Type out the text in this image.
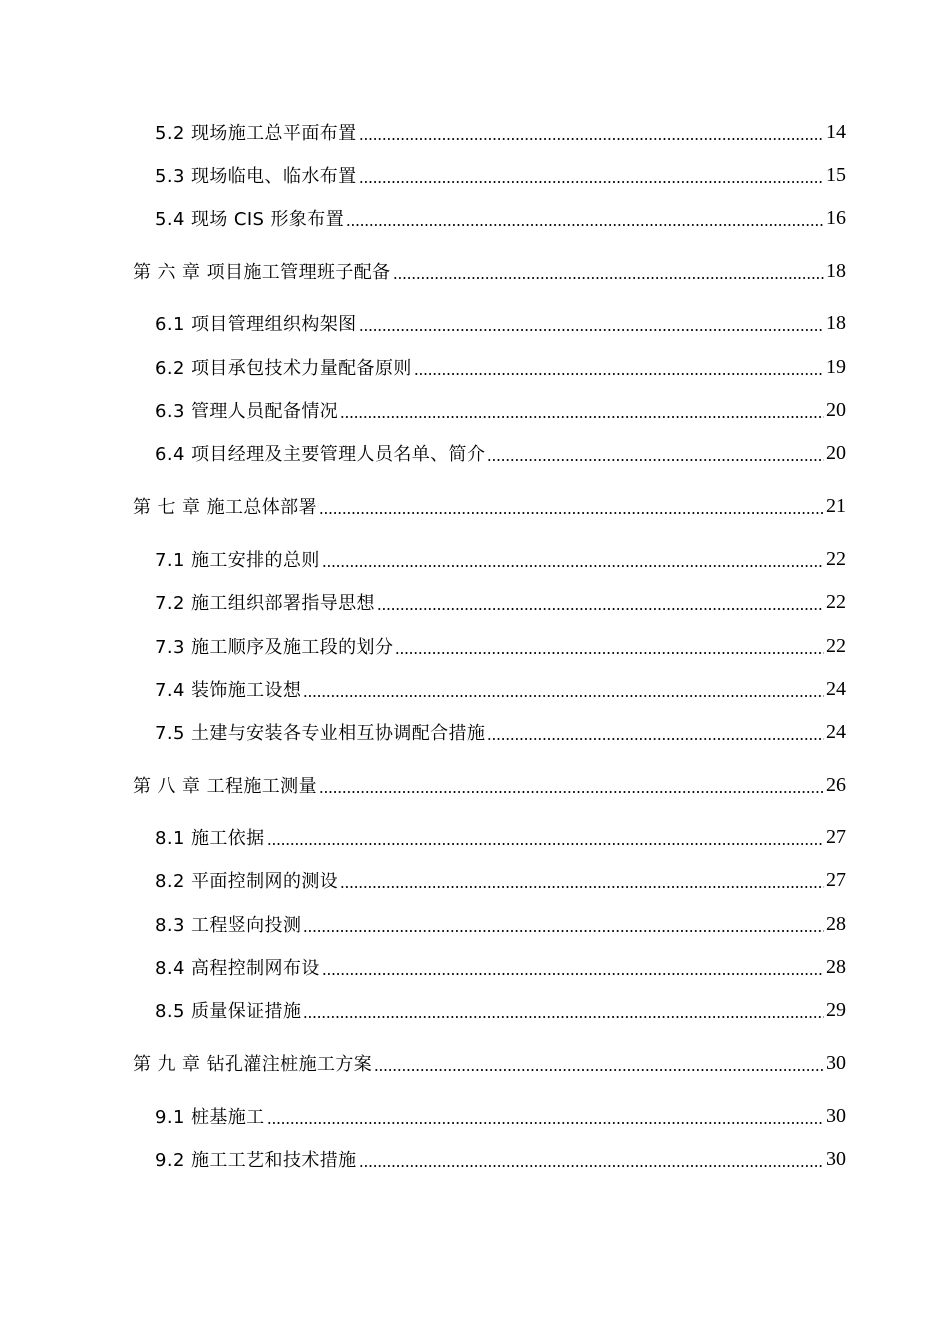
5.2 现场施工总平面布置	14
5.3 现场临电、临水布置	15
5.4 现场 CIS 形象布置	16
第 六 章 项目施工管理班子配备	18
6.1 项目管理组织构架图	18
6.2 项目承包技术力量配备原则	19
6.3 管理人员配备情况	20
6.4 项目经理及主要管理人员名单、简介	20
第 七 章 施工总体部署	21
7.1 施工安排的总则	22
7.2 施工组织部署指导思想	22
7.3 施工顺序及施工段的划分	22
7.4 装饰施工设想	24
7.5 土建与安装各专业相互协调配合措施	24
第 八 章 工程施工测量	26
8.1 施工依据	27
8.2 平面控制网的测设	27
8.3 工程竖向投测	28
8.4 高程控制网布设	28
8.5 质量保证措施	29
第 九 章 钻孔灌注桩施工方案	30
9.1 桩基施工	30
9.2 施工工艺和技术措施	30
